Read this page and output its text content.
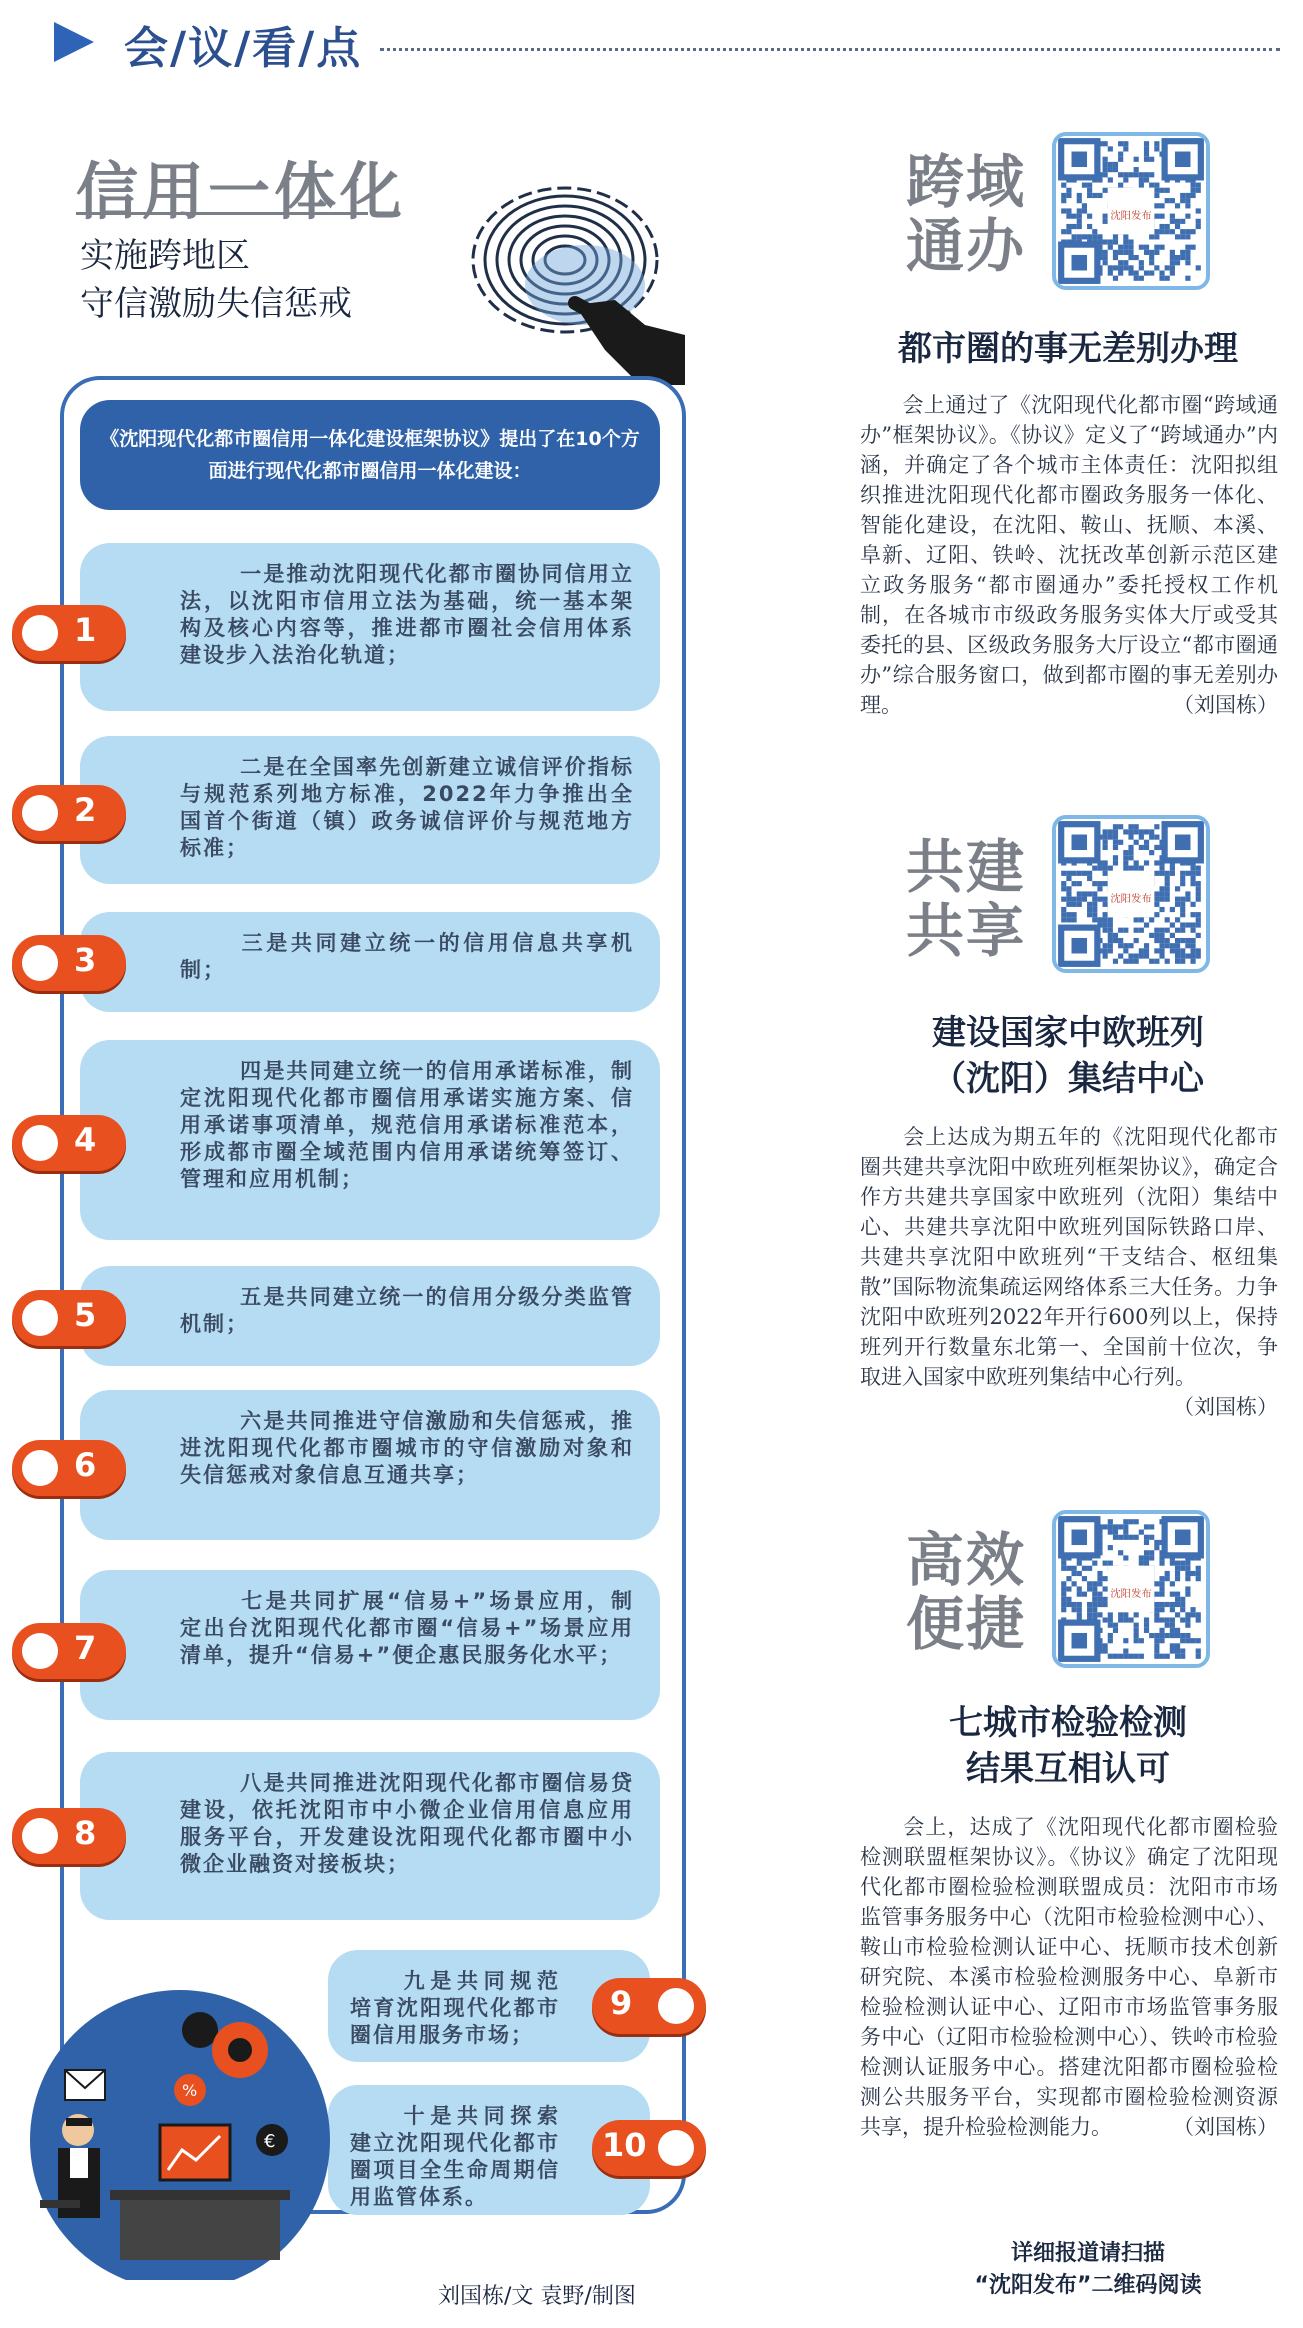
会/议/看/点
信用一体化
实施跨地区
守信激励失信惩戒
《沈阳现代化都市圈信用一体化建设框架协议》提出了在10个方面进行现代化都市圈信用一体化建设：
一是推动沈阳现代化都市圈协同信用立法，以沈阳市信用立法为基础，统一基本架构及核心内容等，推进都市圈社会信用体系建设步入法治化轨道；
1
二是在全国率先创新建立诚信评价指标与规范系列地方标准，2022年力争推出全国首个街道（镇）政务诚信评价与规范地方标准；
2
三是共同建立统一的信用信息共享机制；
3
四是共同建立统一的信用承诺标准，制定沈阳现代化都市圈信用承诺实施方案、信用承诺事项清单，规范信用承诺标准范本，形成都市圈全域范围内信用承诺统筹签订、管理和应用机制；
4
五是共同建立统一的信用分级分类监管机制；
5
六是共同推进守信激励和失信惩戒，推进沈阳现代化都市圈城市的守信激励对象和失信惩戒对象信息互通共享；
6
七是共同扩展“信易+”场景应用，制定出台沈阳现代化都市圈“信易+”场景应用清单，提升“信易+”便企惠民服务化水平；
7
八是共同推进沈阳现代化都市圈信易贷建设，依托沈阳市中小微企业信用信息应用服务平台，开发建设沈阳现代化都市圈中小微企业融资对接板块；
8
九是共同规范培育沈阳现代化都市圈信用服务市场；
9
十是共同探索建立沈阳现代化都市圈项目全生命周期信用监管体系。
10
%
€
刘国栋/文 袁野/制图
跨域
通办	沈阳发布
都市圈的事无差别办理
会上通过了《沈阳现代化都市圈“跨域通办”框架协议》。《协议》定义了“跨域通办”内涵，并确定了各个城市主体责任：沈阳拟组织推进沈阳现代化都市圈政务服务一体化、智能化建设，在沈阳、鞍山、抚顺、本溪、阜新、辽阳、铁岭、沈抚改革创新示范区建立政务服务“都市圈通办”委托授权工作机制，在各城市市级政务服务实体大厅或受其委托的县、区级政务服务大厅设立“都市圈通办”综合服务窗口，做到都市圈的事无差别办理。	（刘国栋）
共建
共享	沈阳发布
建设国家中欧班列
（沈阳）集结中心
会上达成为期五年的《沈阳现代化都市圈共建共享沈阳中欧班列框架协议》，确定合作方共建共享国家中欧班列（沈阳）集结中心、共建共享沈阳中欧班列国际铁路口岸、共建共享沈阳中欧班列“干支结合、枢纽集散”国际物流集疏运网络体系三大任务。力争沈阳中欧班列2022年开行600列以上，保持班列开行数量东北第一、全国前十位次，争取进入国家中欧班列集结中心行列。
（刘国栋）
高效
便捷	沈阳发布
七城市检验检测
结果互相认可
会上，达成了《沈阳现代化都市圈检验检测联盟框架协议》。《协议》确定了沈阳现代化都市圈检验检测联盟成员：沈阳市市场监管事务服务中心（沈阳市检验检测中心）、鞍山市检验检测认证中心、抚顺市技术创新研究院、本溪市检验检测服务中心、阜新市检验检测认证中心、辽阳市市场监管事务服务中心（辽阳市检验检测中心）、铁岭市检验检测认证服务中心。搭建沈阳都市圈检验检测公共服务平台，实现都市圈检验检测资源共享，提升检验检测能力。	（刘国栋）
详细报道请扫描
“沈阳发布”二维码阅读
